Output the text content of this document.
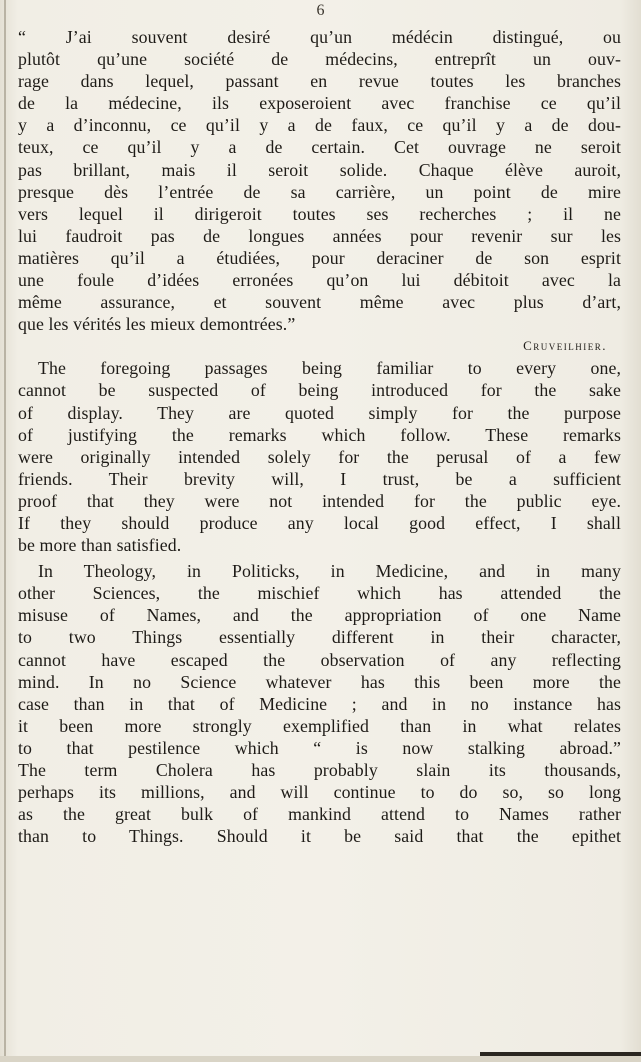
6
“ J’ai souvent desiré qu’un médécin distingué, ou
plutôt qu’une société de médecins, entreprît un ouv-
rage dans lequel, passant en revue toutes les branches
de la médecine, ils exposeroient avec franchise ce qu’il
y a d’inconnu, ce qu’il y a de faux, ce qu’il y a de dou-
teux, ce qu’il y a de certain. Cet ouvrage ne seroit
pas brillant, mais il seroit solide. Chaque élève auroit,
presque dès l’entrée de sa carrière, un point de mire
vers lequel il dirigeroit toutes ses recherches ; il ne
lui faudroit pas de longues années pour revenir sur les
matières qu’il a étudiées, pour deraciner de son esprit
une foule d’idées erronées qu’on lui débitoit avec la
même assurance, et souvent même avec plus d’art,
que les vérités les mieux demontrées.”
Cruveilhier.
The foregoing passages being familiar to every one,
cannot be suspected of being introduced for the sake
of display. They are quoted simply for the purpose
of justifying the remarks which follow. These remarks
were originally intended solely for the perusal of a few
friends. Their brevity will, I trust, be a sufficient
proof that they were not intended for the public eye.
If they should produce any local good effect, I shall
be more than satisfied.
In Theology, in Politicks, in Medicine, and in many
other Sciences, the mischief which has attended the
misuse of Names, and the appropriation of one Name
to two Things essentially different in their character,
cannot have escaped the observation of any reflecting
mind. In no Science whatever has this been more the
case than in that of Medicine ; and in no instance has
it been more strongly exemplified than in what relates
to that pestilence which “ is now stalking abroad.”
The term Cholera has probably slain its thousands,
perhaps its millions, and will continue to do so, so long
as the great bulk of mankind attend to Names rather
than to Things. Should it be said that the epithet
